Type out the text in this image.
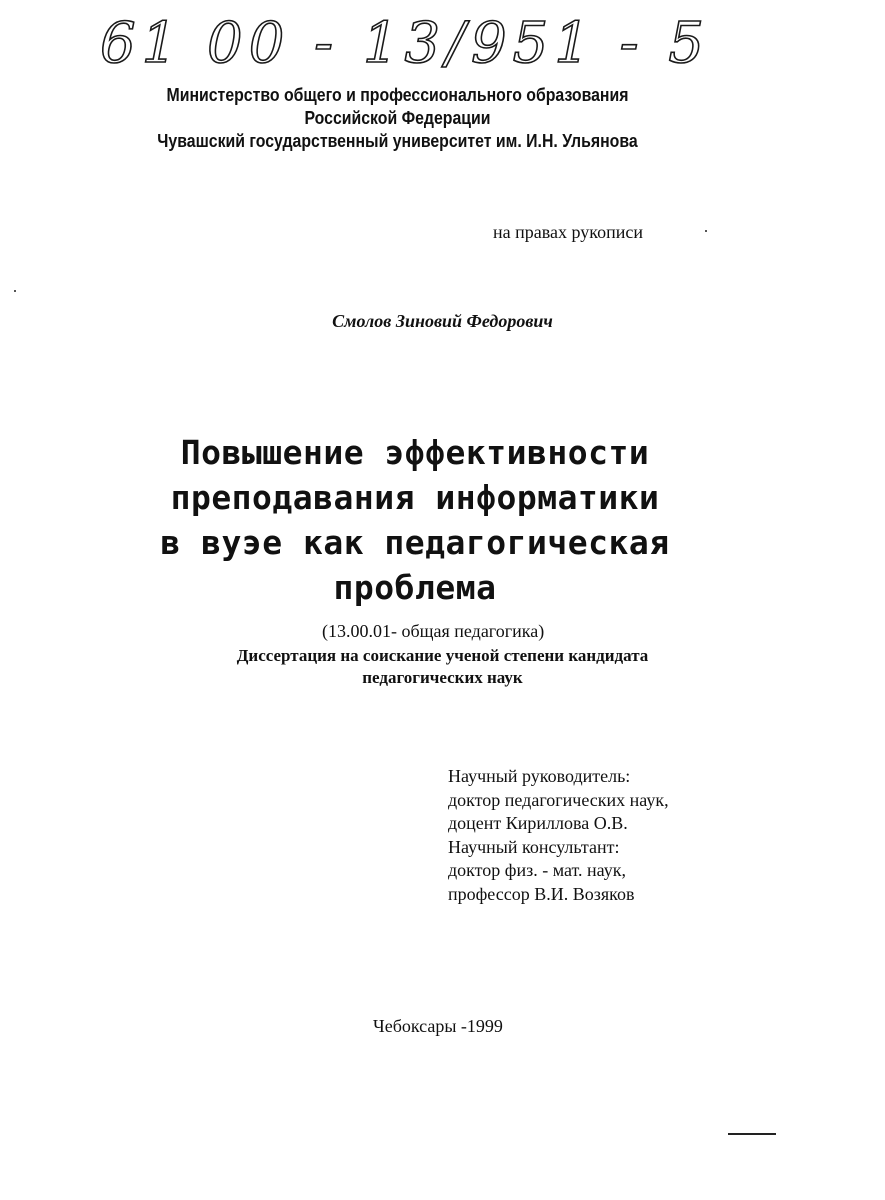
61 00 - 13/951 - 5
Министерство общего и профессионального образования
Российской Федерации
Чувашский государственный университет им. И.Н. Ульянова
на правах рукописи
Смолов Зиновий Федорович
Повышение эффективности
преподавания информатики
в вуэе как педагогическая
проблема
(13.00.01- общая педагогика)
Диссертация на соискание ученой степени кандидата
педагогических наук
Научный руководитель:
доктор педагогических наук,
доцент Кириллова О.В.
Научный консультант:
доктор физ. - мат. наук,
профессор В.И. Возяков
Чебоксары -1999
